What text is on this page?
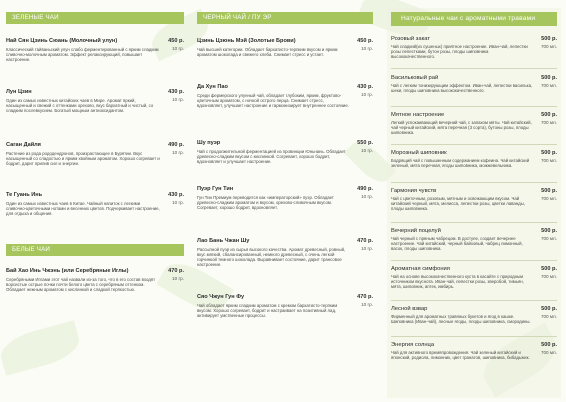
ЗЕЛЕНЫЕ ЧАИ
Най Сян Цзинь Сюань (Молочный улун)	450 р.
10 гр.
Классический тайваньский улун слабо ферментированный с ярким сладким сливочно-молочным ароматом. Эффект релаксирующий, повышает настроение.
Лун Цзин	430 р.
10 гр.
Один из самых известных китайских чаев в Мире. Аромат яркий, насыщенный и свежий с оттенками орехово, вкус бархатный и чистый, со сладким послевкусием. Богатый мощным антиоксидантом.
Саган Дайля	490 р.
10 гр.
Растение из рода рододендронов, произрастающее в Бурятии. Вкус насыщенный со сладостью и ярким хвойным ароматом. Хорошо согревает и бодрит, дарит прилив сил и энергии.
Те Гуань Инь	430 р.
10 гр.
Один из самых известных чаев в Китае. Чайный напиток с легкими сливочно-цветочными нотами и весенних цветов. Подчеркивает настроение, для отдыха и общения.
БЕЛЫЕ ЧАИ
Бай Хао Инь Чжэнь (или Серебряные Иглы)	470 р.
10 гр.
Серебряными Иглами этот чай назвали из-за того, что в его состав входят ворсистые острые почки почти белого цвета с серебряным оттенком. Обладает нежным ароматом с кислинкой и сладкой терпкостью.
ЧЕРНЫЙ ЧАЙ / ПУ ЭР
Цзинь Цзюнь Мэй (Золотые Брови)	450 р.
10 гр.
Чай высшей категории. Обладает бархатисто-терпким вкусом и ярким ароматом шоколада и свежего хлеба. Снимает стресс и устает.
Да Хун Пао	430 р.
10 гр.
Среди фермерского улунный чай, обладает глубоким, ярким, фруктово-цветочным ароматом, с ночкой острого перца. Снимает стресс, вдохновляет, улучшает настроение и гармонизирует внутреннее состояние.
Шу пуэр	550 р.
10 гр.
Чай с продолжительной ферментацией из провинции Юньнань. Обладает древесно-сладким вкусом с кислинкой. Согревает, хорошо бодрит, вдохновляет и улучшает настроение.
Пуэр Гун Тин	490 р.
10 гр.
Гун Тин Премиум переводится как «императорский» пуэр. Обладает древесно-сладким ароматом и вкусом, орехово-сливочным вкусом. Согревает, хорошо бодрит, вдохновляет.
Лао Бань Чжан Шу	470 р.
10 гр.
Рассыпной пуэр из сырья высокого качества. Аромат древесный, ровный, вкус мягкий, сбалансированный, немного древесный, с очень легкой горчинкой темного шоколада. Выравнивает состояние, дарит трансовое настроение.
Сяо Чжун Гун Фу	470 р.
10 гр.
Чай обладает ярким сладким ароматом с кремом бархатисто-терпким вкусом. Хорошо согревает, бодрит и настраивает на позитивный лад, активирует умственные процессы.
Натуральные чаи с ароматными травами
Розовый закат	500 р.
700 мл.
Чай сладкий(из сушеных) приятное настроение. Иван-чай, лепестки розы лепестками, бутон розы, плоды шиповника высококачественного.
Васильковый рай	500 р.
700 мл.
Чай с легким тонизирующим эффектом. Иван-чай, лепестки василька, шеки, плоды шиповника высококачественного.
Мятное настроение	500 р.
700 мл.
Легкий успокаивающий вечерний чай, с запахом мяты. Чай китайский, чай черный китайский, мята перечная (3 сорта), бутоны розы, плоды шиповника.
Морозный шиповник	500 р.
700 мл.
Бодрящий чай с повышенным содержанием кофеина. Чай китайский зеленый, мята перечная, ягоды шиповника, можжевельника.
Гармония чувств	500 р.
700 мл.
Чай с цветочным, розовым, мятным и освежающим вкусом. Чай китайский черный, мята, мелисса, лепестки розы, цветки лаванды, плоды шиповника.
Вечерний поцелуй	500 р.
700 мл.
Чай черный с пряным чабрецом. В доступе, создает вечернее настроение. Чай китайский, черный байховый, чабрец лимонный, васок, плоды шиповника.
Ароматная симфония	500 р.
700 мл.
Чай на основе высококачественного куста в касайте с природным источником вкуснота. Иван-чай, лепестки розы, зверобой, тимьян, мята, шиповник, аптек, имбирь.
Лесной взвар	500 р.
700 мл.
Фирменный для ароматных травяных букетов и ягод в кашке. Шиповника (Иван-чай), лесные ягоды, плоды шиповника, смородины.
Энергия солнца	500 р.
700 мл.
Чай для активного времяпровождения. Чай зеленый китайский и японский, родиола, лимонник, цвет гранатов, шиповника, бибадьжик.
